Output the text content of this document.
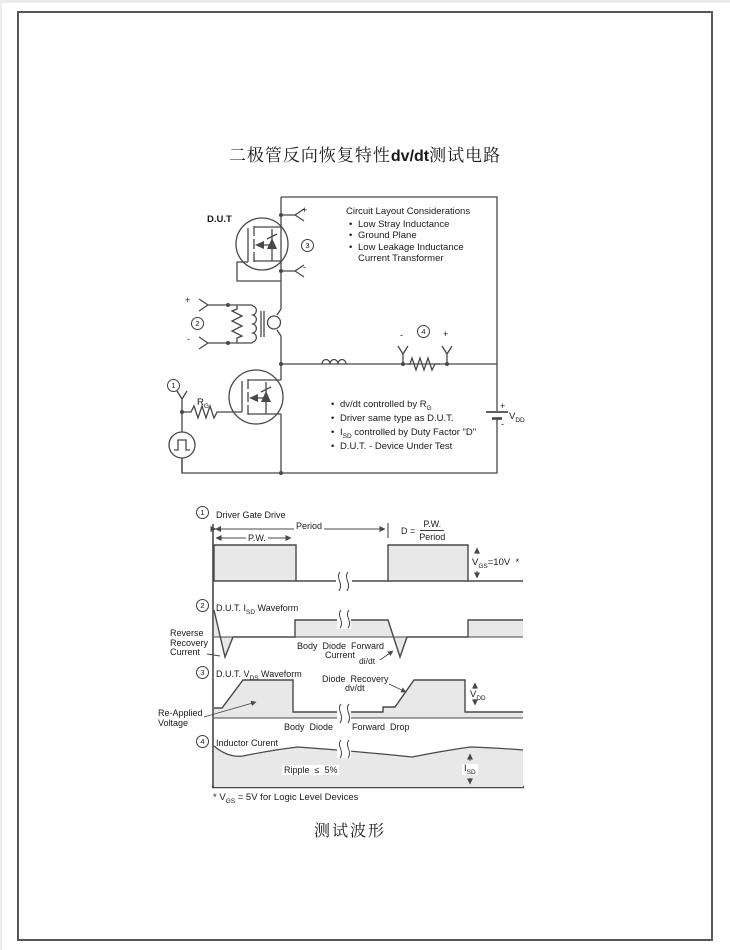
二极管反向恢复特性dv/dt测试电路
D.U.T
+
-
3
+
-
2
1
$R_G$	+
-
$V_{DD}$
-	+
4
Circuit Layout Considerations
• Low Stray Inductance
• Ground Plane
• Low Leakage Inductance Current Transformer
• dv/dt controlled by $R_G$
• Driver same type as D.U.T.
• $I_{SD}$ controlled by Duty Factor "D"
• D.U.T. - Device Under Test
1	Driver Gate Drive
Period
P.W.
$D = \frac{P.W.}{\text{Period}}$
$V_{GS}=10V$  *
2	D.U.T. $I_{SD}$ Waveform
Reverse
Recovery
Current
Body  Diode  Forward
Current
di/dt
3	D.U.T. $V_{DS}$ Waveform Diode  Recovery
dv/dt
Re-Applied
Voltage	Body  Diode Forward  Drop
$V_{DD}$
4	Inductor Curent
Ripple  ≤  5%	$I_{SD}$
* $V_{GS} = 5V$ for Logic Level Devices
测试波形
